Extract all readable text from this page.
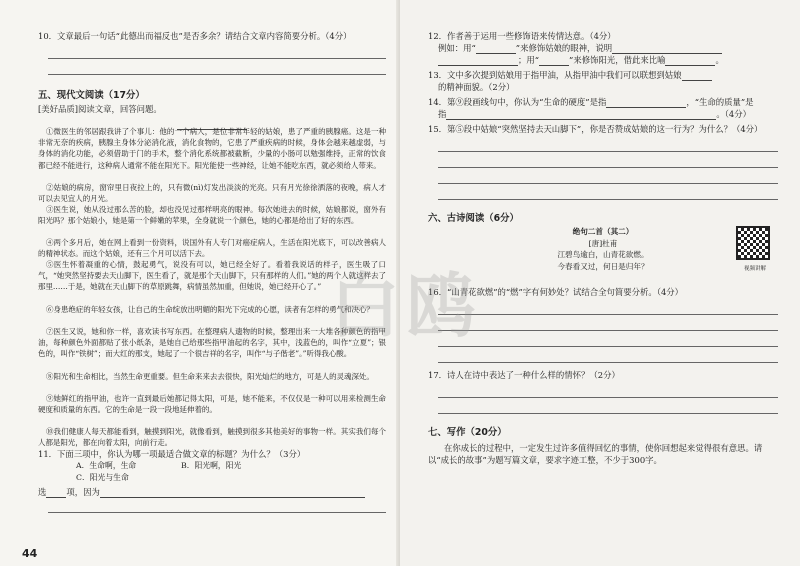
10．文章最后一句话“此德出而福反也”是否多余？请结合文章内容简要分析。（4分）

五、现代文阅读（17分）

[美好品质]阅读文章，回答问题。

①微医生的邻居跟我讲了个事儿：他的一个病人，是位非常年轻的姑娘，患了严重的胰腺癌。这是一种非常无奈的疾病，胰腺主身体分泌消化液，消化食物的，它患了严重疾病的时候，身体会越来越虚弱，与身体的消化功能，必须借助于门的手术，整个消化系统都被截断，少量的小肠可以勉强维持，正常的饮食都已经不能进行，这种病人通常不能在阳光下。阳光能使一些神经，让她不能吃东西，就必须给人带来。

②姑娘的病房，窗帘里日夜拉上的，只有微(nì)灯发出淡淡的光亮。只有月光徐徐洒落的夜晚，病人才可以去见宜人的月光。

③医生说，她从没过那么苦的脸，却也没见过那样明亮的眼神。每次她进去的时候，姑娘都说，窗外有阳光吗？那个姑娘小，她是第一个鲜嫩的苹果，全身就说一个颜色，她的心都是给出了好的东西。

④两个多月后，她在网上看到一份资料，说国外有人专门对癌症病人，生活在阳光底下，可以改善病人的精神状态。而这个姑娘，还有三个月可以活下去。

⑤医生怀着凝重的心情，鼓起勇气，说没有可以，她已经全好了。看着我说话的样子，医生吸了口气，“她突然坚持要去天山脚下，医生看了，就是那个天山脚下，只有那样的人们。”她的两个人就这样去了那里……于是，她就在天山脚下的草原跳舞，病情虽然加重，但她说，她已经开心了。”

⑥身患绝症的年轻女孩，让自己的生命绽放出明媚的阳光下完成的心愿，读者有怎样的勇气和决心？

⑦医生又说，她和你一样，喜欢读书写东西。在整理病人遗物的时候，整理出来一大堆各种颜色的指甲油，每种颜色外面都贴了张小纸条，是她自己给那些指甲油起的名字，其中，浅蓝色的，叫作“立夏”；银色的，叫作“铁树”；而大红的那支，她起了一个很吉祥的名字，叫作“与子偕老”。”听得我心酸。

⑧阳光和生命相比，当然生命更重要。但生命来来去去很快，阳光灿烂的地方，可是人的灵魂深处。

⑨她鲜红的指甲油，也许一直到最后她都记得太阳，可是，她不能来，不仅仅是一种可以用来检测生命硬度和质量的东西。它的生命是一段一段地延伸着的。

⑩我们健康人每天都能看到，触摸到阳光，就像看到，触摸到很多其他美好的事物一样。其实我们每个人都是阳光，都在向着太阳，向前行走。

11．下面三项中，你认为哪一项最适合做文章的标题？为什么？（3分）

A．生命啊，生命	B．阳光啊，阳光C．阳光与生命

选 项，因为

12．作者善于运用一些修饰语来传情达意。（4分）

例如：用“	”来修饰姑娘的眼神，说明

；用“	”来修饰阳光，借此来比喻	。

13．文中多次提到姑娘用于指甲油，从指甲油中我们可以联想到姑娘

的精神面貌。（2分）

14．第⑨段画线句中，你认为“生命的硬度”是指	，“生命的质量”是

指	。（4分）

15．第⑤段中姑娘“突然坚持去天山脚下”，你是否赞成姑娘的这一行为？为什么？（4分）

六、古诗阅读（6分）

绝句二首（其二）

[唐]杜甫

江碧鸟逾白，山青花欲燃。

今春看又过，何日是归年？	视频讲解

16．“山青花欲燃”的“燃”字有何妙处？试结合全句简要分析。（4分）

17．诗人在诗中表达了一种什么样的情怀？（2分）

七、写作（20分）

在你成长的过程中，一定发生过许多值得回忆的事情，使你回想起来觉得很有意思。请以“成长的故事”为题写篇文章，要求字迹工整，不少于300字。

白鸥
44
